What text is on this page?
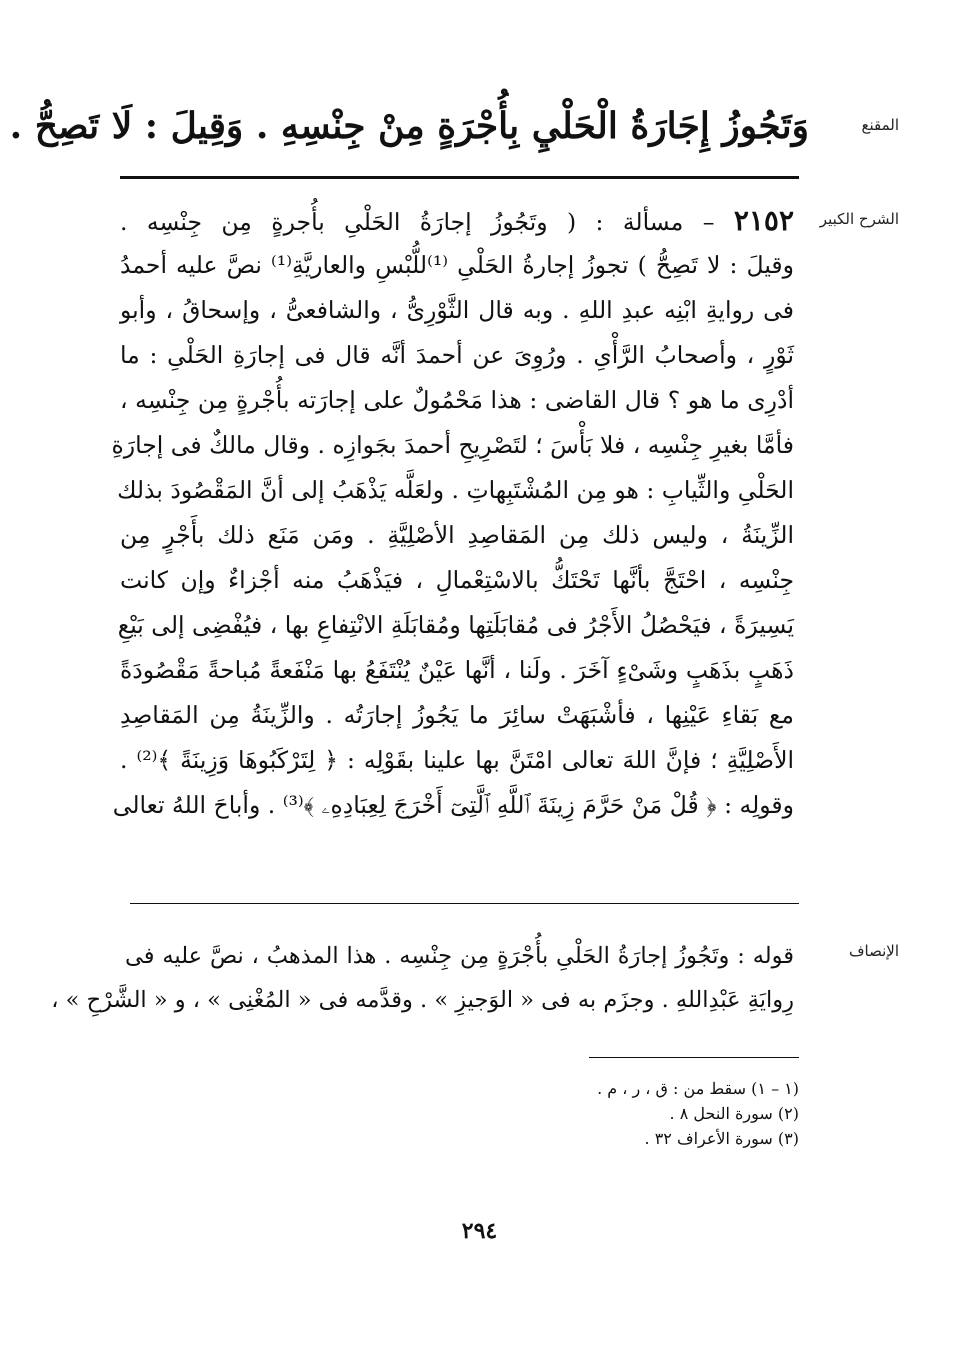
المقنع
وَتَجُوزُ إِجَارَةُ الْحَلْيِ بِأُجْرَةٍ مِنْ جِنْسِهِ . وَقِيلَ : لَا تَصِحُّ .
الشرح الكبير
٢١٥٢ – مسألة : ( وتَجُوزُ إجارَةُ الحَلْىِ بأُجرةٍ مِن جِنْسِه .
وقيلَ : لا تَصِحُّ ) تجوزُ إجارةُ الحَلْىِ ⁽¹⁾للُّبْسِ والعاريَّةِ⁽¹⁾ نصَّ عليه أحمدُ
فى روايةِ ابْنِه عبدِ اللهِ . وبه قال الثَّوْرِىُّ ، والشافعىُّ ، وإسحاقُ ، وأبو
ثَوْرٍ ، وأصحابُ الرَّأْىِ . ورُوِىَ عن أحمدَ أنَّه قال فى إجارَةِ الحَلْىِ : ما
أدْرِى ما هو ؟ قال القاضى : هذا مَحْمُولٌ على إجارَته بأُجْرةٍ مِن جِنْسِه ،
فأمَّا بغيرِ جِنْسِه ، فلا بَأْسَ ؛ لتَصْرِيحِ أحمدَ بجَوازِه . وقال مالكٌ فى إجارَةِ
الحَلْىِ والثِّيابِ : هو مِن المُشْتَبِهاتِ . ولعَلَّه يَذْهَبُ إلى أنَّ المَقْصُودَ بذلك
الزِّينَةُ ، وليس ذلك مِن المَقاصِدِ الأصْلِيَّةِ . ومَن مَنَع ذلك بأَجْرٍ مِن
جِنْسِه ، احْتَجَّ بأنَّها تَحْتَكُّ بالاسْتِعْمالِ ، فيَذْهَبُ منه أجْزاءٌ وإن كانت
يَسِيرَةً ، فيَحْصُلُ الأَجْرُ فى مُقابَلَتِها ومُقابَلَةِ الانْتِفاعِ بها ، فيُفْضِى إلى بَيْعِ
ذَهَبٍ بذَهَبٍ وشَىْءٍ آخَرَ . ولَنا ، أنَّها عَيْنٌ يُنْتَفَعُ بها مَنْفَعةً مُباحةً مَقْصُودَةً
مع بَقاءِ عَيْنِها ، فأشْبَهَتْ سائِرَ ما يَجُوزُ إجارَتُه . والزِّينَةُ مِن المَقاصِدِ
الأَصْلِيَّةِ ؛ فإنَّ اللهَ تعالى امْتَنَّ بها علينا بقَوْلِه : ﴿ لِتَرْكَبُوهَا وَزِينَةً ﴾⁽²⁾ .
وقولِه : ﴿ قُلْ مَنْ حَرَّمَ زِينَةَ ٱللَّهِ ٱلَّتِىٓ أَخْرَجَ لِعِبَادِهِۦ ﴾⁽³⁾ . وأباحَ اللهُ تعالى
الإنصاف
قوله : وتَجُوزُ إجارَةُ الحَلْىِ بأُجْرَةٍ مِن جِنْسِه . هذا المذهبُ ، نصَّ عليه فى
رِوايَةِ عَبْدِاللهِ . وجزَم به فى « الوَجيزِ » . وقدَّمه فى « المُغْنِى » ، و « الشَّرْحِ » ،
(١ – ١) سقط من : ق ، ر ، م .
(٢) سورة النحل ٨ .
(٣) سورة الأعراف ٣٢ .
٢٩٤
